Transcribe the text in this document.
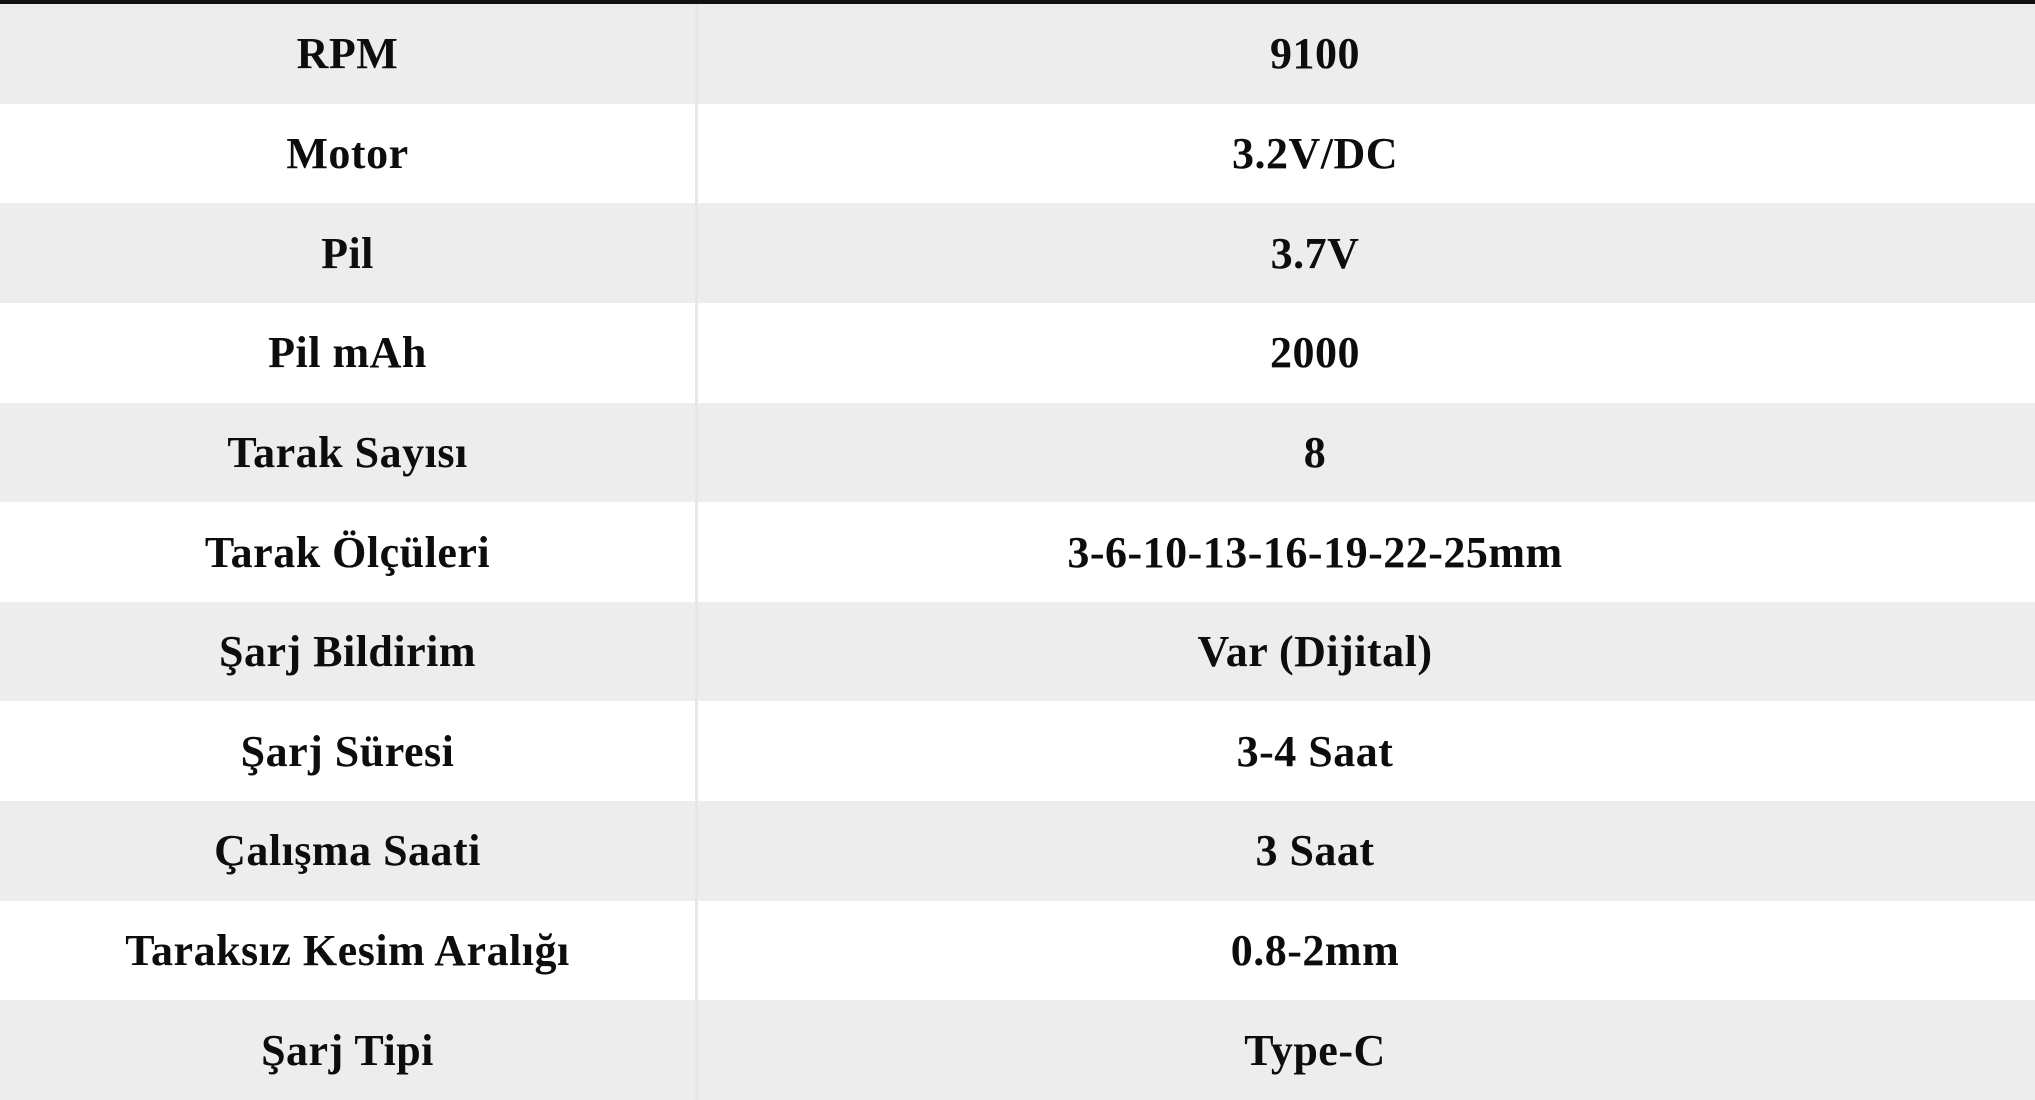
RPM	9100
Motor	3.2V/DC
Pil	3.7V
Pil mAh	2000
Tarak Sayısı	8
Tarak Ölçüleri	3-6-10-13-16-19-22-25mm
Şarj Bildirim	Var (Dijital)
Şarj Süresi	3-4 Saat
Çalışma Saati	3 Saat
Taraksız Kesim Aralığı	0.8-2mm
Şarj Tipi	Type-C
